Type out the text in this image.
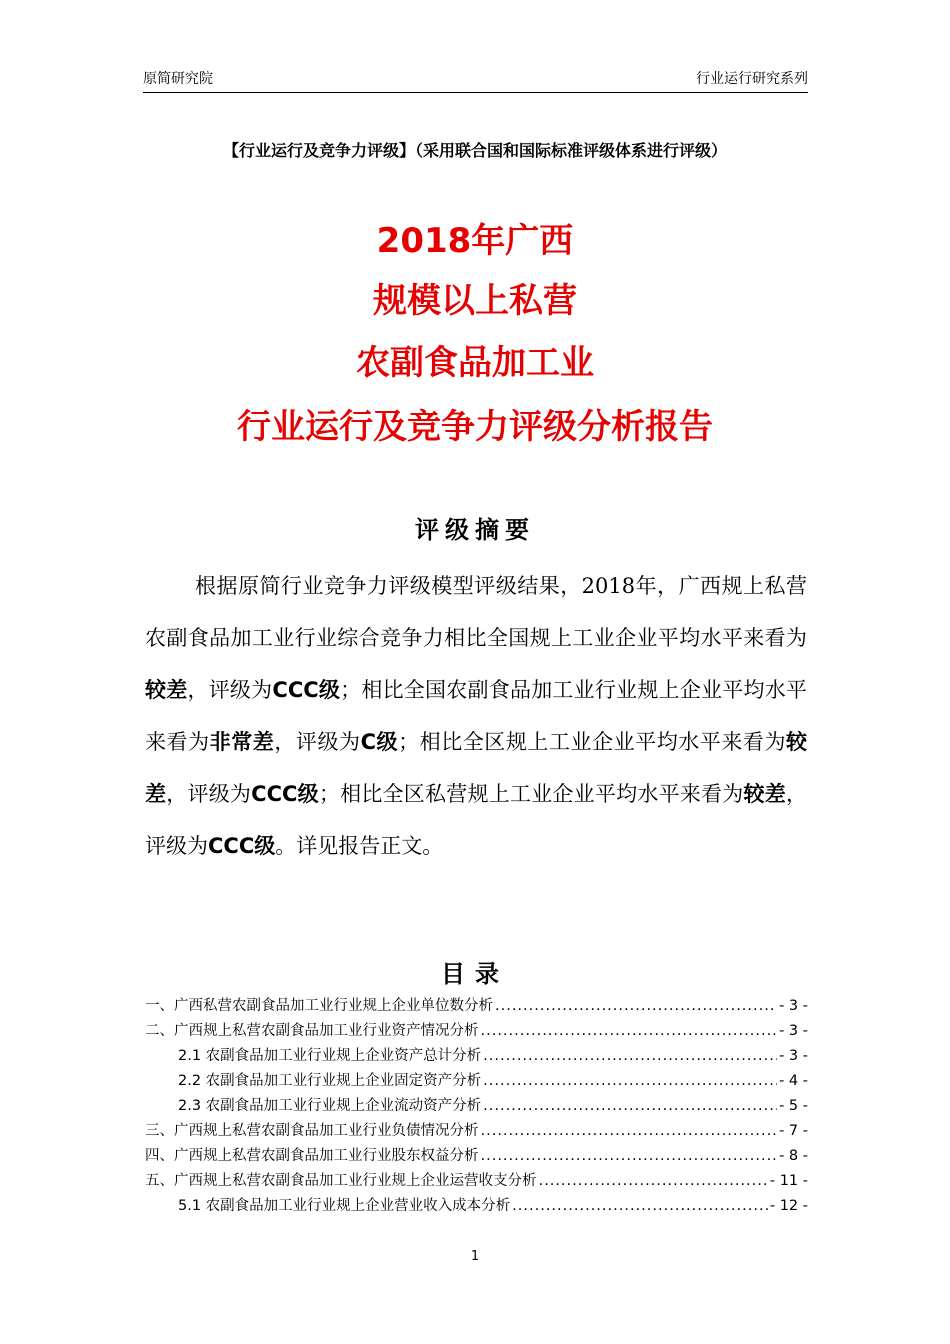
原简研究院	行业运行研究系列
【行业运行及竞争力评级】（采用联合国和国际标准评级体系进行评级）
2018年广西
规模以上私营
农副食品加工业
行业运行及竞争力评级分析报告
评级摘要

根据原简行业竞争力评级模型评级结果，2018年，广西规上私营农副食品加工业行业综合竞争力相比全国规上工业企业平均水平来看为较差，评级为CCC级；相比全国农副食品加工业行业规上企业平均水平来看为非常差，评级为C级；相比全区规上工业企业平均水平来看为较差，评级为CCC级；相比全区私营规上工业企业平均水平来看为较差，评级为CCC级。详见报告正文。

目录
一、广西私营农副食品加工业行业规上企业单位数分析 .....	- 3 -
二、广西规上私营农副食品加工业行业资产情况分析 .....	- 3 -
2.1 农副食品加工业行业规上企业资产总计分析 .....	- 3 -
2.2 农副食品加工业行业规上企业固定资产分析 .....	- 4 -
2.3 农副食品加工业行业规上企业流动资产分析 .....	- 5 -
三、广西规上私营农副食品加工业行业负债情况分析 .....	- 7 -
四、广西规上私营农副食品加工业行业股东权益分析 .....	- 8 -
五、广西规上私营农副食品加工业行业规上企业运营收支分析 .....	- 11 -
5.1 农副食品加工业行业规上企业营业收入成本分析 .....	- 12 -
1
